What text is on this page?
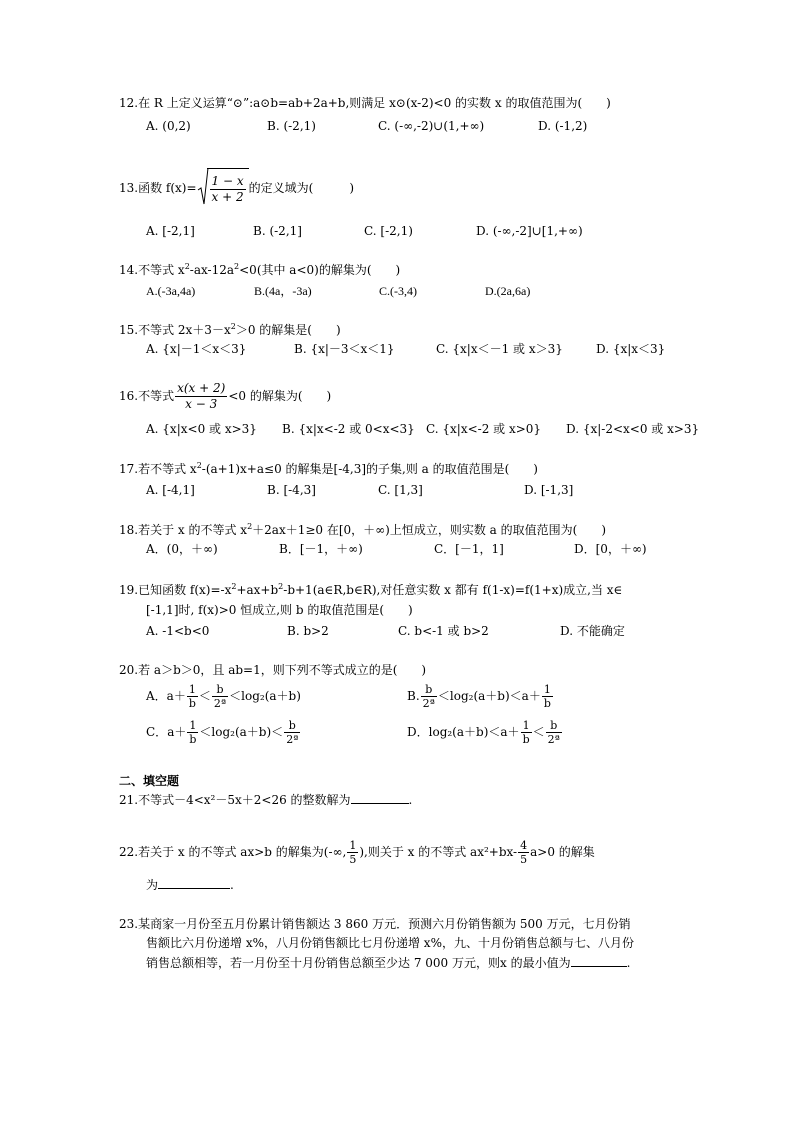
12.在 R 上定义运算“⊙”:a⊙b=ab+2a+b,则满足 x⊙(x-2)<0 的实数 x 的取值范围为(　　)
A. (0,2)	B. (-2,1)	C. (-∞,-2)∪(1,+∞)	D. (-1,2)
13.函数 $f(x)= \frac{1 - x}{x + 2}$ 的定义域为(　　　)
A. [-2,1]	B. (-2,1]	C. [-2,1)	D. (-∞,-2]∪[1,+∞)
14.不等式 $x^2-ax-12a^2<0$(其中 a<0)的解集为(　　)
A.(-3a,4a)	B.(4a，-3a)	C.(-3,4)	D.(2a,6a)
15.不等式 $2x+3-x^2>0$ 的解集是(　　)
A. {x|－1＜x＜3}	B. {x|－3＜x＜1}	C. {x|x＜－1 或 x＞3}	D. {x|x＜3}
16.不等式 $\frac{x(x + 2)}{x - 3} <0$ 的解集为(　　)
A. {x|x<0 或 x>3} B. {x|x<-2 或 0<x<3} C. {x|x<-2 或 x>0} D. {x|-2<x<0 或 x>3}
17.若不等式 $x^2-(a+1)x+a\le 0$ 的解集是[-4,3]的子集,则 a 的取值范围是(　　)
A. [-4,1]	B. [-4,3]	C. [1,3]	D. [-1,3]
18.若关于 x 的不等式 $x^2+2ax+1\ge 0$ 在[0，＋∞)上恒成立，则实数 a 的取值范围为(　　)
A．(0，＋∞)	B．[－1，＋∞)	C．[－1，1]	D．[0，＋∞)
19.已知函数 $f(x)=-x^2+ax+b^2-b+1(a\in R,b\in R)$,对任意实数 x 都有 f(1-x)=f(1+x)成立,当 x∈
[-1,1]时, f(x)>0 恒成立,则 b 的取值范围是(　　)
A. -1<b<0	B. b>2	C. b<-1 或 b>2	D. 不能确定
20.若 a＞b＞0，且 ab=1，则下列不等式成立的是(　　)
A．$a+ \frac{1}{b} < \frac{b}{\text{2ª}} <\log_2(a+b)$	B. $\frac{b}{\text{2ª}} <\log_2(a+b)<a+ \frac{1}{b}$
C．$a+ \frac{1}{b} <\log_2(a+b)< \frac{b}{\text{2ª}}$	D．$\log_2(a+b)<a+ \frac{1}{b} < \frac{b}{\text{2ª}}$
二、填空题
21.不等式－4<x²－5x＋2<26 的整数解为	.
22.若关于 x 的不等式 ax>b 的解集为(-∞, $\frac{1}{5}$ ),则关于 x 的不等式 $ax^2+bx- \frac{4}{5} a>0$ 的解集
为	.
23.某商家一月份至五月份累计销售额达 3 860 万元．预测六月份销售额为 500 万元，七月份销
售额比六月份递增 x%，八月份销售额比七月份递增 x%，九、十月份销售总额与七、八月份
销售总额相等，若一月份至十月份销售总额至少达 7 000 万元，则x 的最小值为	.
